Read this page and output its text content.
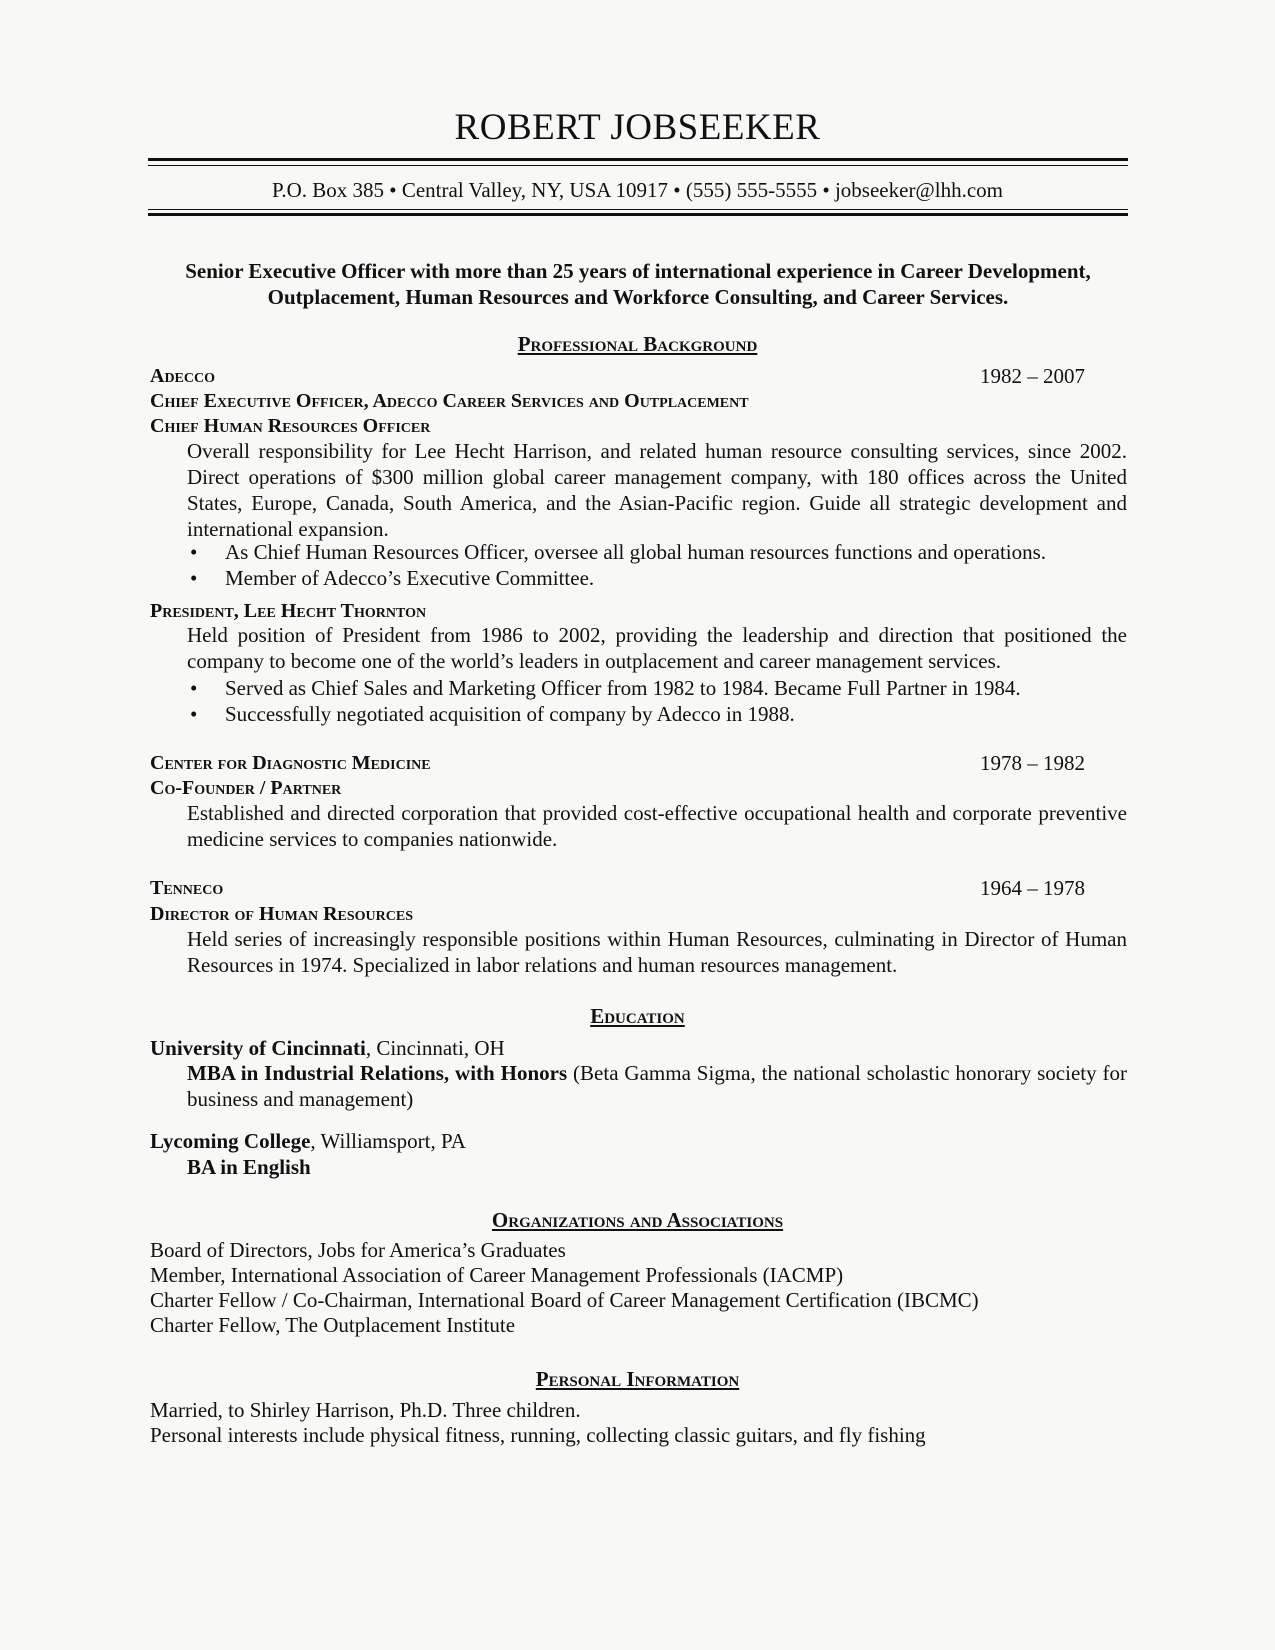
ROBERT JOBSEEKER
P.O. Box 385 • Central Valley, NY, USA 10917 • (555) 555-5555 • jobseeker@lhh.com
Senior Executive Officer with more than 25 years of international experience in Career Development, Outplacement, Human Resources and Workforce Consulting, and Career Services.
Professional Background
Adecco	1982 – 2007
Chief Executive Officer, Adecco Career Services and Outplacement
Chief Human Resources Officer
Overall responsibility for Lee Hecht Harrison, and related human resource consulting services, since 2002. Direct operations of $300 million global career management company, with 180 offices across the United States, Europe, Canada, South America, and the Asian-Pacific region. Guide all strategic development and international expansion.
• As Chief Human Resources Officer, oversee all global human resources functions and operations.
• Member of Adecco’s Executive Committee.
President, Lee Hecht Thornton
Held position of President from 1986 to 2002, providing the leadership and direction that positioned the company to become one of the world’s leaders in outplacement and career management services.
• Served as Chief Sales and Marketing Officer from 1982 to 1984. Became Full Partner in 1984.
• Successfully negotiated acquisition of company by Adecco in 1988.
Center for Diagnostic Medicine	1978 – 1982
Co-Founder / Partner
Established and directed corporation that provided cost-effective occupational health and corporate preventive medicine services to companies nationwide.
Tenneco	1964 – 1978
Director of Human Resources
Held series of increasingly responsible positions within Human Resources, culminating in Director of Human Resources in 1974. Specialized in labor relations and human resources management.
Education
University of Cincinnati, Cincinnati, OH
MBA in Industrial Relations, with Honors (Beta Gamma Sigma, the national scholastic honorary society for business and management)
Lycoming College, Williamsport, PA
BA in English
Organizations and Associations
Board of Directors, Jobs for America’s Graduates
Member, International Association of Career Management Professionals (IACMP)
Charter Fellow / Co-Chairman, International Board of Career Management Certification (IBCMC)
Charter Fellow, The Outplacement Institute
Personal Information
Married, to Shirley Harrison, Ph.D. Three children.
Personal interests include physical fitness, running, collecting classic guitars, and fly fishing
